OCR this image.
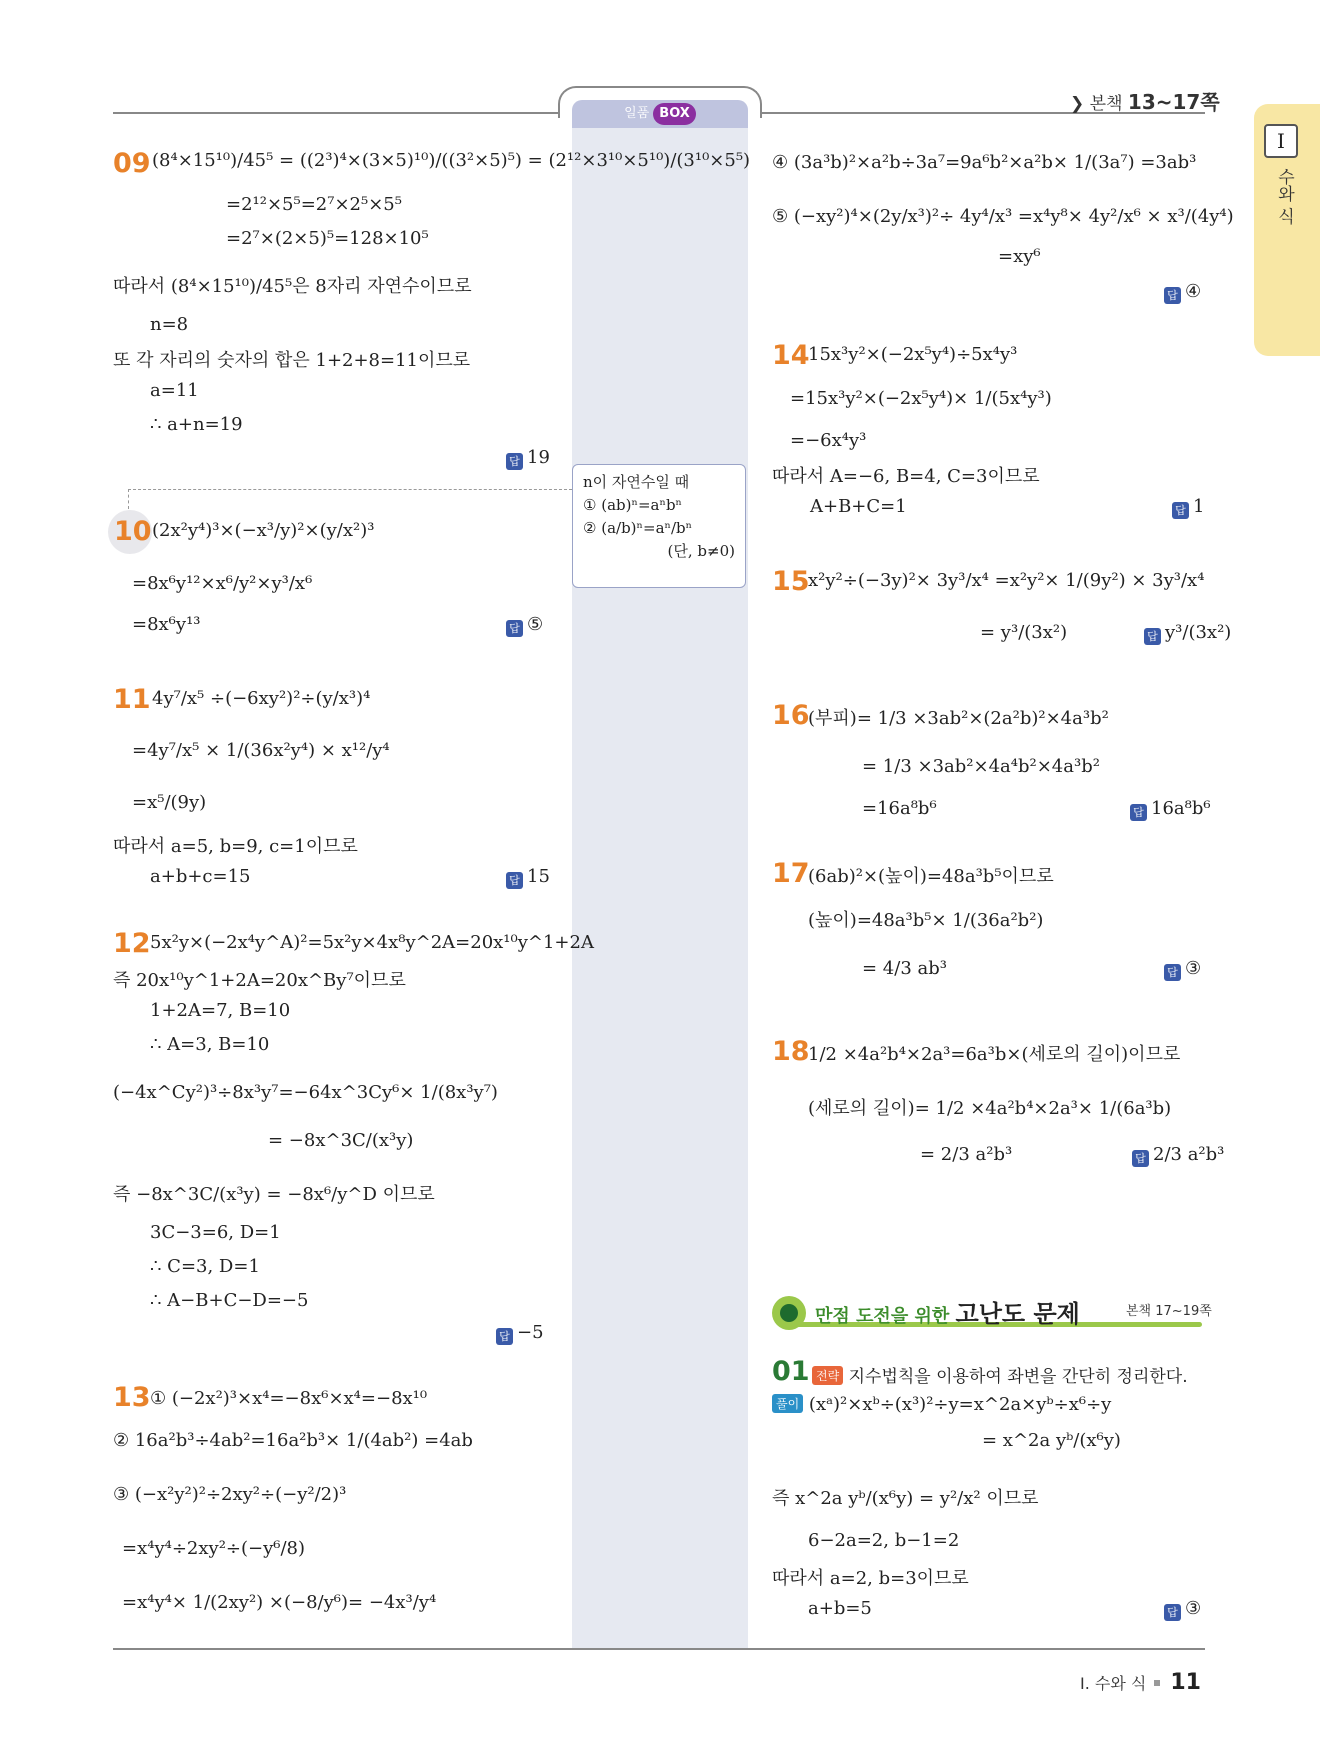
일품 BOX	❯ 본책 13~17쪽
I
수와 식
n이 자연수일 때
① (ab)ⁿ=aⁿbⁿ
② (a/b)ⁿ=aⁿ/bⁿ
(단, b≠0)
09 (8⁴×15¹⁰)/45⁵ = ((2³)⁴×(3×5)¹⁰)/((3²×5)⁵) = (2¹²×3¹⁰×5¹⁰)/(3¹⁰×5⁵)
=2¹²×5⁵=2⁷×2⁵×5⁵
=2⁷×(2×5)⁵=128×10⁵
따라서 (8⁴×15¹⁰)/45⁵은 8자리 자연수이므로
n=8
또 각 자리의 숫자의 합은 1+2+8=11이므로
a=11
∴ a+n=19
답 19
10 (2x²y⁴)³×(−x³/y)²×(y/x²)³
=8x⁶y¹²×x⁶/y²×y³/x⁶
=8x⁶y¹³	답 ⑤
11 4y⁷/x⁵ ÷(−6xy²)²÷(y/x³)⁴
=4y⁷/x⁵ × 1/(36x²y⁴) × x¹²/y⁴
=x⁵/(9y)
따라서 a=5, b=9, c=1이므로
a+b+c=15	답 15
12 5x²y×(−2x⁴y^A)²=5x²y×4x⁸y^2A=20x¹⁰y^1+2A
즉 20x¹⁰y^1+2A=20x^By⁷이므로
1+2A=7, B=10
∴ A=3, B=10
(−4x^Cy²)³÷8x³y⁷=−64x^3Cy⁶× 1/(8x³y⁷)
= −8x^3C/(x³y)
즉 −8x^3C/(x³y) = −8x⁶/y^D 이므로
3C−3=6, D=1
∴ C=3, D=1
∴ A−B+C−D=−5
답 −5
13 ① (−2x²)³×x⁴=−8x⁶×x⁴=−8x¹⁰
② 16a²b³÷4ab²=16a²b³× 1/(4ab²) =4ab
③ (−x²y²)²÷2xy²÷(−y²/2)³
=x⁴y⁴÷2xy²÷(−y⁶/8)
=x⁴y⁴× 1/(2xy²) ×(−8/y⁶)= −4x³/y⁴
④ (3a³b)²×a²b÷3a⁷=9a⁶b²×a²b× 1/(3a⁷) =3ab³
⑤ (−xy²)⁴×(2y/x³)²÷ 4y⁴/x³ =x⁴y⁸× 4y²/x⁶ × x³/(4y⁴)
=xy⁶
답 ④
14
15x³y²×(−2x⁵y⁴)÷5x⁴y³
=15x³y²×(−2x⁵y⁴)× 1/(5x⁴y³)
=−6x⁴y³
따라서 A=−6, B=4, C=3이므로
A+B+C=1	답 1
15
x²y²÷(−3y)²× 3y³/x⁴ =x²y²× 1/(9y²) × 3y³/x⁴
= y³/(3x²)	답 y³/(3x²)
16
(부피)= 1/3 ×3ab²×(2a²b)²×4a³b²
= 1/3 ×3ab²×4a⁴b²×4a³b²
=16a⁸b⁶	답 16a⁸b⁶
17
(6ab)²×(높이)=48a³b⁵이므로
(높이)=48a³b⁵× 1/(36a²b²)
= 4/3 ab³	답 ③
18
1/2 ×4a²b⁴×2a³=6a³b×(세로의 길이)이므로
(세로의 길이)= 1/2 ×4a²b⁴×2a³× 1/(6a³b)
= 2/3 a²b³	답 2/3 a²b³
만점 도전을 위한 고난도 문제	본책 17~19쪽
01 전략 지수법칙을 이용하여 좌변을 간단히 정리한다.
풀이 (xᵃ)²×xᵇ÷(x³)²÷y=x^2a×yᵇ÷x⁶÷y
= x^2a yᵇ/(x⁶y)
즉 x^2a yᵇ/(x⁶y) = y²/x² 이므로
6−2a=2, b−1=2
따라서 a=2, b=3이므로
a+b=5	답 ③
I. 수와 식 11
